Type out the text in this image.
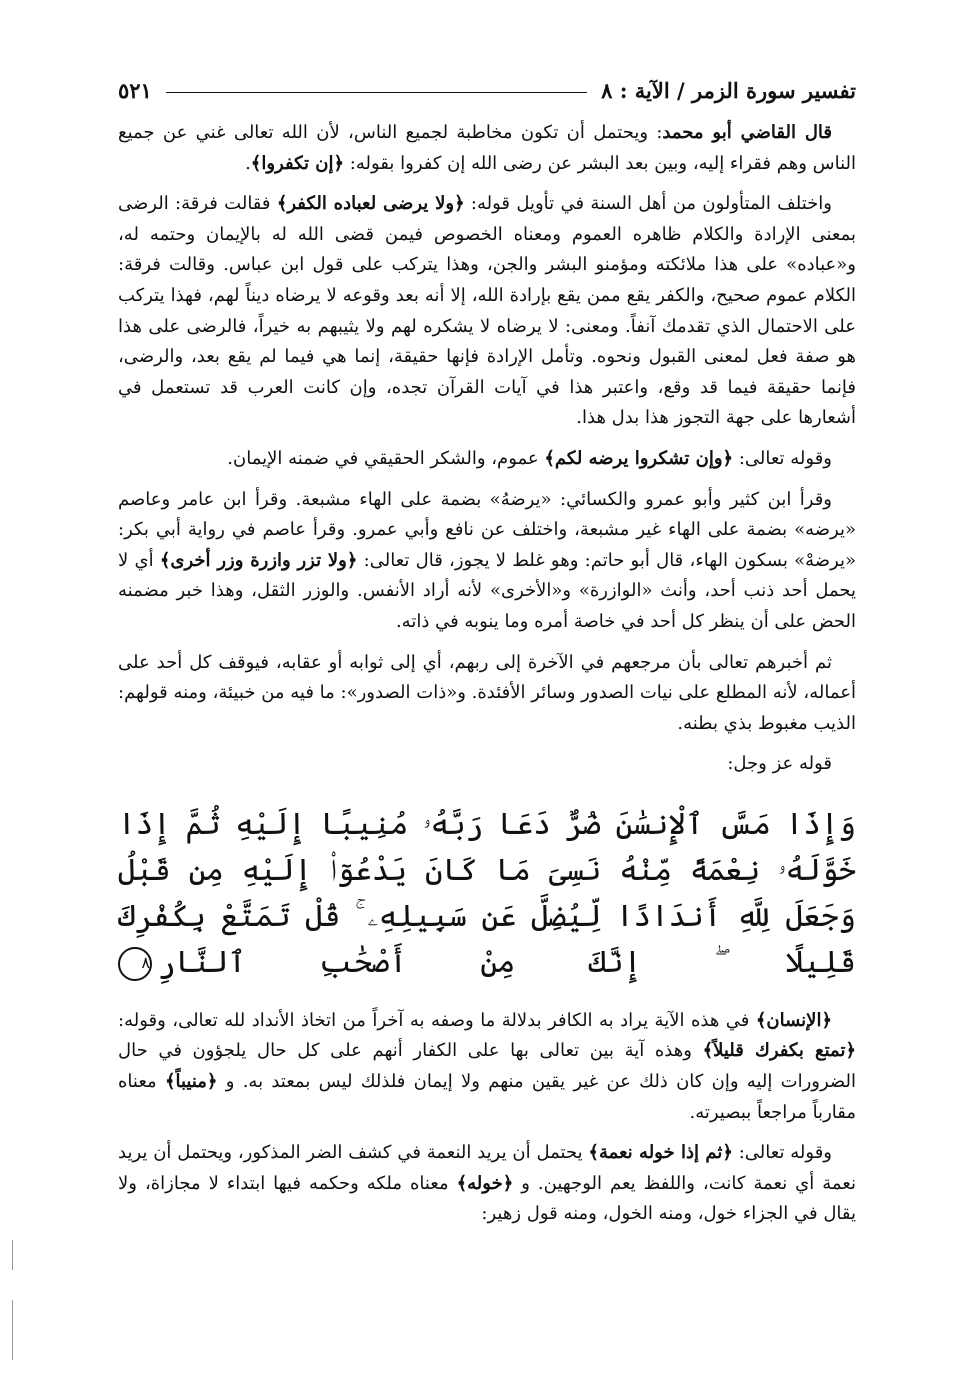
تفسير سورة الزمر / الآية : ٨
٥٢١

قال القاضي أبو محمد: ويحتمل أن تكون مخاطبة لجميع الناس، لأن الله تعالى غني عن جميع الناس وهم فقراء إليه، وبين بعد البشر عن رضى الله إن كفروا بقوله: ﴿إن تكفروا﴾.

واختلف المتأولون من أهل السنة في تأويل قوله: ﴿ولا يرضى لعباده الكفر﴾ فقالت فرقة: الرضى بمعنى الإرادة والكلام ظاهره العموم ومعناه الخصوص فيمن قضى الله له بالإيمان وحتمه له، و«عباده» على هذا ملائكته ومؤمنو البشر والجن، وهذا يتركب على قول ابن عباس. وقالت فرقة: الكلام عموم صحيح، والكفر يقع ممن يقع بإرادة الله، إلا أنه بعد وقوعه لا يرضاه ديناً لهم، فهذا يتركب على الاحتمال الذي تقدمك آنفاً. ومعنى: لا يرضاه لا يشكره لهم ولا يثيبهم به خيراً، فالرضى على هذا هو صفة فعل لمعنى القبول ونحوه. وتأمل الإرادة فإنها حقيقة، إنما هي فيما لم يقع بعد، والرضى، فإنما حقيقة فيما قد وقع، واعتبر هذا في آيات القرآن تجده، وإن كانت العرب قد تستعمل في أشعارها على جهة التجوز هذا بدل هذا.

وقوله تعالى: ﴿وإن تشكروا يرضه لكم﴾ عموم، والشكر الحقيقي في ضمنه الإيمان.

وقرأ ابن كثير وأبو عمرو والكسائي: «يرضهُ» بضمة على الهاء مشبعة. وقرأ ابن عامر وعاصم «يرضه» بضمة على الهاء غير مشبعة، واختلف عن نافع وأبي عمرو. وقرأ عاصم في رواية أبي بكر: «يرضهْ» بسكون الهاء، قال أبو حاتم: وهو غلط لا يجوز، قال تعالى: ﴿ولا تزر وازرة وزر أخرى﴾ أي لا يحمل أحد ذنب أحد، وأنث «الوازرة» و«الأخرى» لأنه أراد الأنفس. والوزر الثقل، وهذا خبر مضمنه الحض على أن ينظر كل أحد في خاصة أمره وما ينوبه في ذاته.

ثم أخبرهم تعالى بأن مرجعهم في الآخرة إلى ربهم، أي إلى ثوابه أو عقابه، فيوقف كل أحد على أعماله، لأنه المطلع على نيات الصدور وسائر الأفئدة. و«ذات الصدور»: ما فيه من خبيئة، ومنه قولهم: الذيب مغبوط بذي بطنه.

قوله عز وجل:

وَإِذَا مَسَّ ٱلْإِنسَٰنَ ضُرٌّ دَعَا رَبَّهُۥ مُنِيبًا إِلَيْهِ ثُمَّ إِذَا خَوَّلَهُۥ نِعْمَةً مِّنْهُ نَسِىَ مَا كَانَ يَدْعُوٓا۟ إِلَيْهِ مِن قَبْلُ وَجَعَلَ لِلَّهِ أَندَادًا لِّيُضِلَّ عَن سَبِيلِهِۦ ۚ قُلْ تَمَتَّعْ بِكُفْرِكَ قَلِيلًا ۖ إِنَّكَ مِنْ أَصْحَٰبِ ٱلنَّارِ٨

﴿الإنسان﴾ في هذه الآية يراد به الكافر بدلالة ما وصفه به آخراً من اتخاذ الأنداد لله تعالى، وقوله: ﴿تمتع بكفرك قليلاً﴾ وهذه آية بين تعالى بها على الكفار أنهم على كل حال يلجؤون في حال الضرورات إليه وإن كان ذلك عن غير يقين منهم ولا إيمان فلذلك ليس بمعتد به. و ﴿منيباً﴾ معناه مقارباً مراجعاً ببصيرته.

وقوله تعالى: ﴿ثم إذا خوله نعمة﴾ يحتمل أن يريد النعمة في كشف الضر المذكور، ويحتمل أن يريد نعمة أي نعمة كانت، واللفظ يعم الوجهين. و ﴿خوله﴾ معناه ملكه وحكمه فيها ابتداء لا مجازاة، ولا يقال في الجزاء خول، ومنه الخول، ومنه قول زهير:
